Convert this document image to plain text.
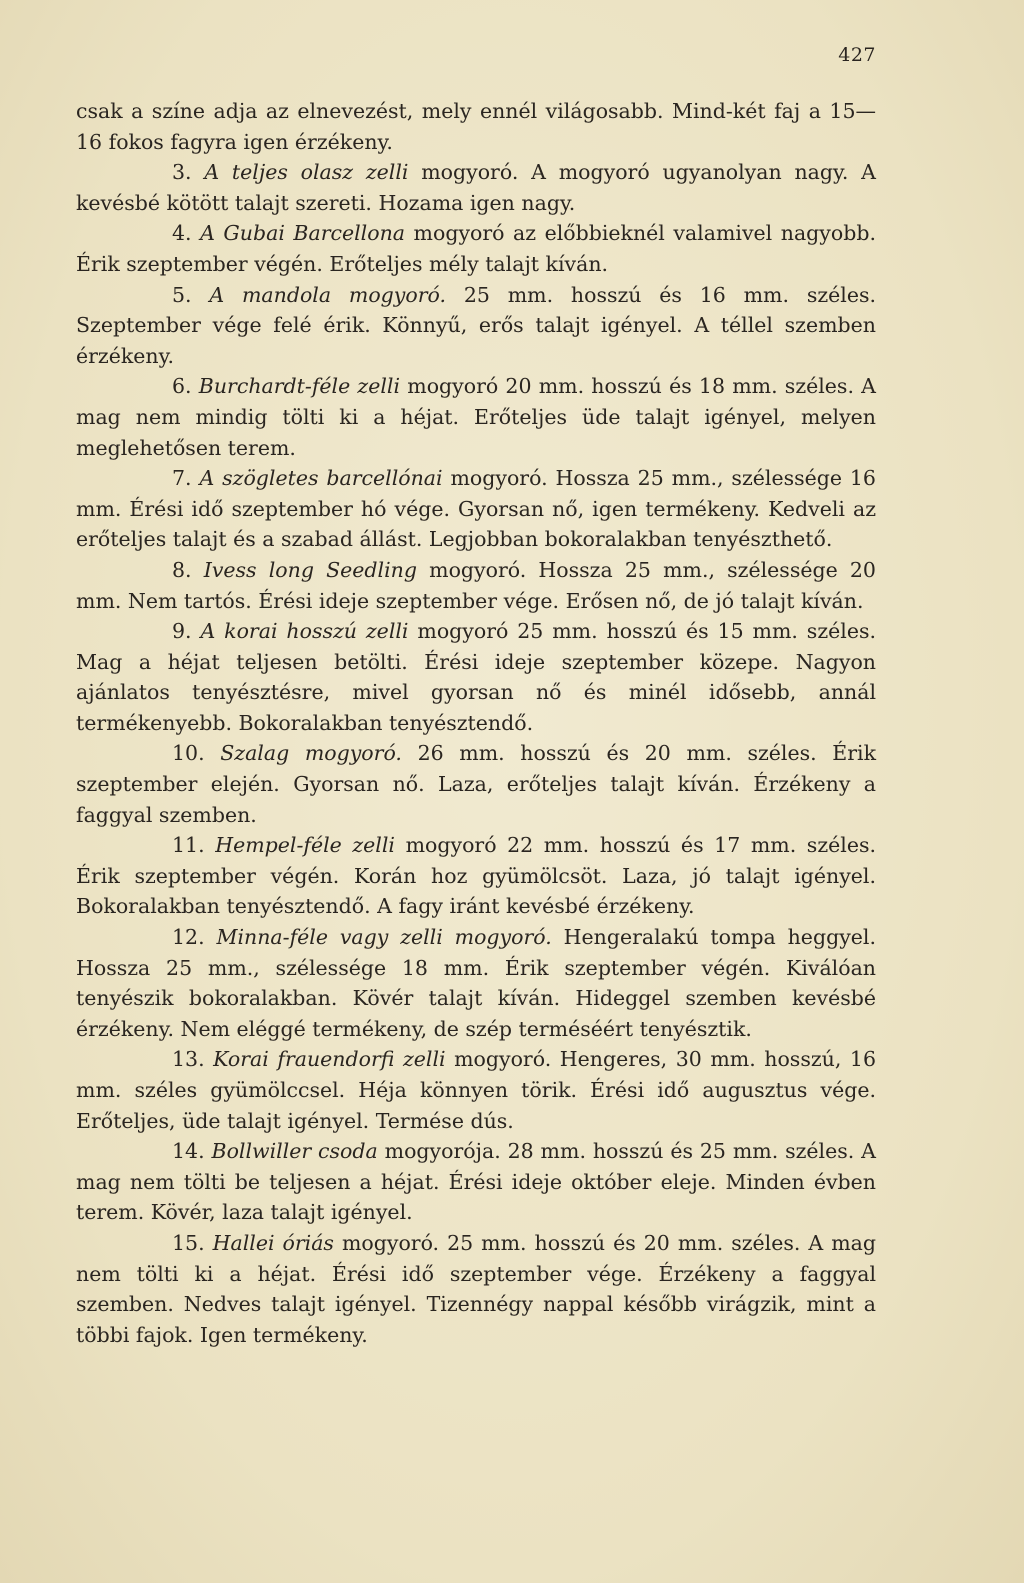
427

csak a színe adja az elnevezést, mely ennél világosabb. Mind-két faj a 15—16 fokos fagyra igen érzékeny.

3. A teljes olasz zelli mogyoró. A mogyoró ugyanolyan nagy. A kevésbé kötött talajt szereti. Hozama igen nagy.

4. A Gubai Barcellona mogyoró az előbbieknél valamivel nagyobb. Érik szeptember végén. Erőteljes mély talajt kíván.

5. A mandola mogyoró. 25 mm. hosszú és 16 mm. széles. Szeptember vége felé érik. Könnyű, erős talajt igényel. A téllel szemben érzékeny.

6. Burchardt-féle zelli mogyoró 20 mm. hosszú és 18 mm. széles. A mag nem mindig tölti ki a héjat. Erőteljes üde talajt igényel, melyen meglehetősen terem.

7. A szögletes barcellónai mogyoró. Hossza 25 mm., szélessége 16 mm. Érési idő szeptember hó vége. Gyorsan nő, igen termékeny. Kedveli az erőteljes talajt és a szabad állást. Legjobban bokoralakban tenyészthető.

8. Ivess long Seedling mogyoró. Hossza 25 mm., szélessége 20 mm. Nem tartós. Érési ideje szeptember vége. Erősen nő, de jó talajt kíván.

9. A korai hosszú zelli mogyoró 25 mm. hosszú és 15 mm. széles. Mag a héjat teljesen betölti. Érési ideje szeptember közepe. Nagyon ajánlatos tenyésztésre, mivel gyorsan nő és minél idősebb, annál termékenyebb. Bokoralakban tenyésztendő.

10. Szalag mogyoró. 26 mm. hosszú és 20 mm. széles. Érik szeptember elején. Gyorsan nő. Laza, erőteljes talajt kíván. Érzékeny a faggyal szemben.

11. Hempel-féle zelli mogyoró 22 mm. hosszú és 17 mm. széles. Érik szeptember végén. Korán hoz gyümölcsöt. Laza, jó talajt igényel. Bokoralakban tenyésztendő. A fagy iránt kevésbé érzékeny.

12. Minna-féle vagy zelli mogyoró. Hengeralakú tompa heggyel. Hossza 25 mm., szélessége 18 mm. Érik szeptember végén. Kiválóan tenyészik bokoralakban. Kövér talajt kíván. Hideggel szemben kevésbé érzékeny. Nem eléggé termékeny, de szép terméséért tenyésztik.

13. Korai frauendorfi zelli mogyoró. Hengeres, 30 mm. hosszú, 16 mm. széles gyümölccsel. Héja könnyen törik. Érési idő augusztus vége. Erőteljes, üde talajt igényel. Termése dús.

14. Bollwiller csoda mogyorója. 28 mm. hosszú és 25 mm. széles. A mag nem tölti be teljesen a héjat. Érési ideje október eleje. Minden évben terem. Kövér, laza talajt igényel.

15. Hallei óriás mogyoró. 25 mm. hosszú és 20 mm. széles. A mag nem tölti ki a héjat. Érési idő szeptember vége. Érzékeny a faggyal szemben. Nedves talajt igényel. Tizennégy nappal később virágzik, mint a többi fajok. Igen termékeny.
